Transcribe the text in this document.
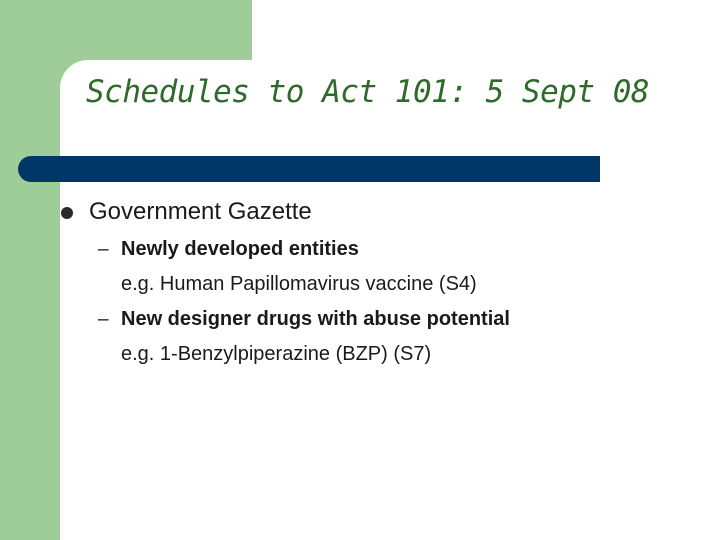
Schedules to Act 101: 5 Sept 08
Government Gazette
– Newly developed entities
e.g. Human Papillomavirus vaccine (S4)
– New designer drugs with abuse potential
e.g. 1-Benzylpiperazine (BZP) (S7)
